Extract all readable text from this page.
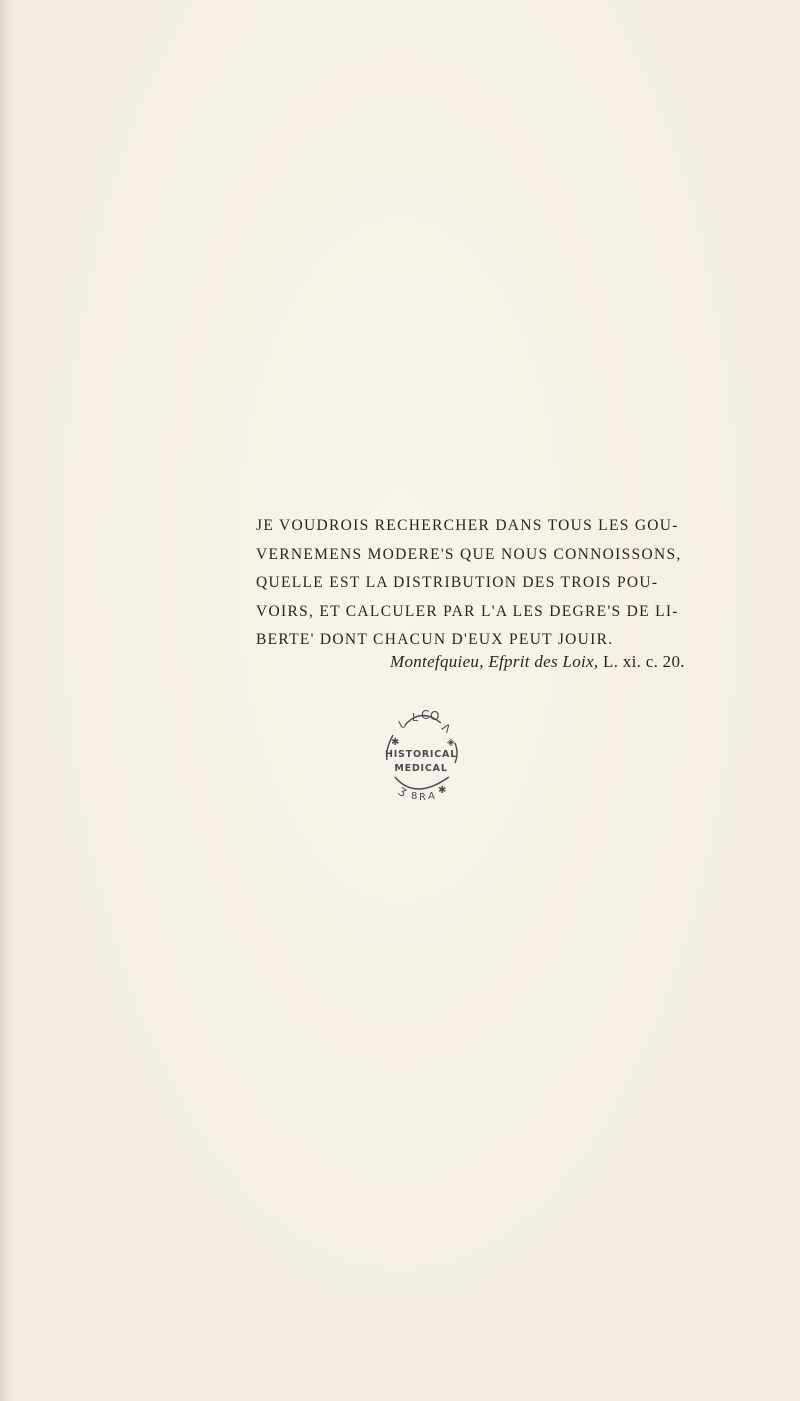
JE VOUDROIS RECHERCHER DANS TOUS LES GOU-
VERNEMENS MODERE'S QUE NOUS CONNOISSONS,
QUELLE EST LA DISTRIBUTION DES TROIS POU-
VOIRS, ET CALCULER PAR L'A LES DEGRE'S DE LI-
BERTE' DONT CHACUN D'EUX PEUT JOUIR.
Montefquieu, Efprit des Loix, L. xi. c. 20.
ᒐ L C O
Ʌ
✱	◈
Ʒ 8 R A
✱
HISTORICAL
MEDICAL
